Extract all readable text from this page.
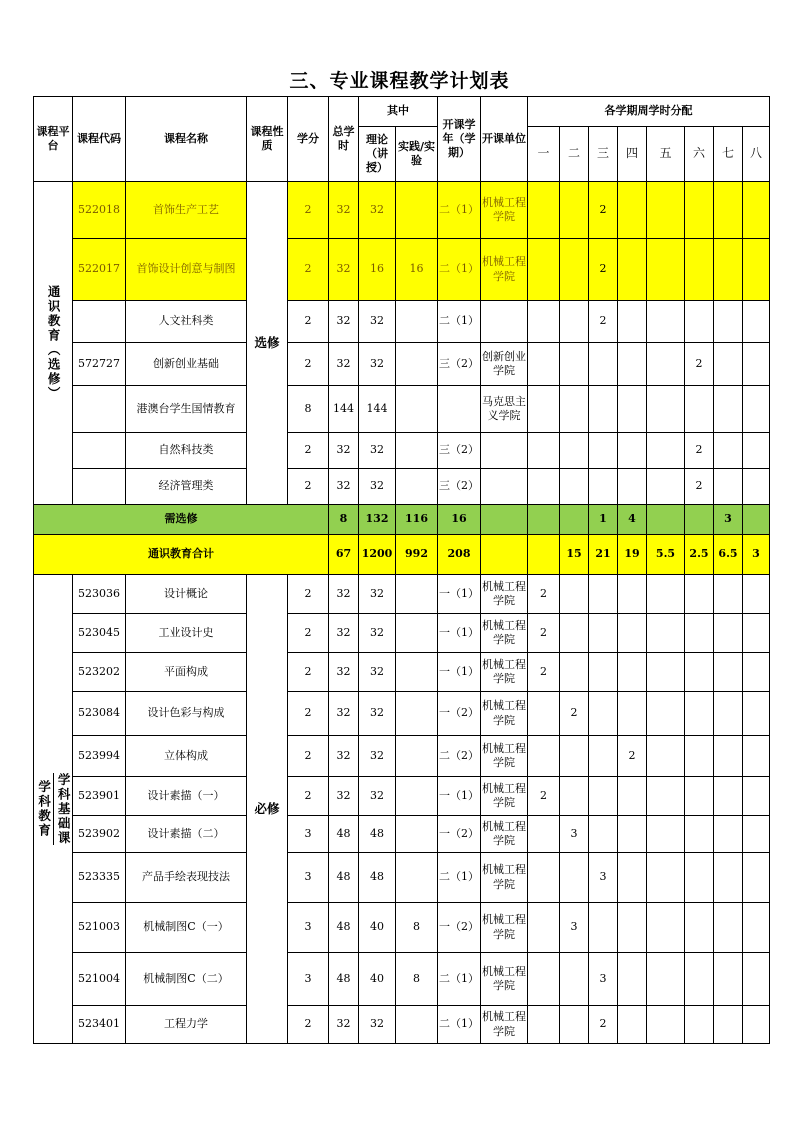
三、专业课程教学计划表
课程平台	课程代码	课程名称	课程性质	学分	总学时	其中		开课学年（学期）	开课单位	各学期周学时分配								
						理论（讲授）	实践/实验			一	二	三	四	五	六	七	八	
通识教育（选修）	522018	首饰生产工艺	选修	2	32	32		二（1）	机械工程学院			2						
	522017	首饰设计创意与制图		2	32	16	16	二（1）	机械工程学院			2						
		人文社科类		2	32	32		二（1）				2						
	572727	创新创业基础		2	32	32		三（2）	创新创业学院						2			
		港澳台学生国情教育		8	144	144			马克思主义学院									
		自然科技类		2	32	32		三（2）							2			
		经济管理类		2	32	32		三（2）							2			
需选修					8	132	116	16				1	4			3		
通识教育合计					67	1200	992	208			15	21	19	5.5	2.5	6.5	3	

学科教育 学科基础课	523036	设计概论	必修	2	32	32		一（1）	机械工程学院	2								
	523045	工业设计史		2	32	32		一（1）	机械工程学院	2								
	523202	平面构成		2	32	32		一（1）	机械工程学院	2								
	523084	设计色彩与构成		2	32	32		一（2）	机械工程学院		2							
	523994	立体构成		2	32	32		二（2）	机械工程学院				2					
	523901	设计素描（一）		2	32	32		一（1）	机械工程学院	2								
	523902	设计素描（二）		3	48	48		一（2）	机械工程学院		3							
	523335	产品手绘表现技法		3	48	48		二（1）	机械工程学院			3						
	521003	机械制图C（一）		3	48	40	8	一（2）	机械工程学院		3							
	521004	机械制图C（二）		3	48	40	8	二（1）	机械工程学院			3						
	523401	工程力学		2	32	32		二（1）	机械工程学院			2						
